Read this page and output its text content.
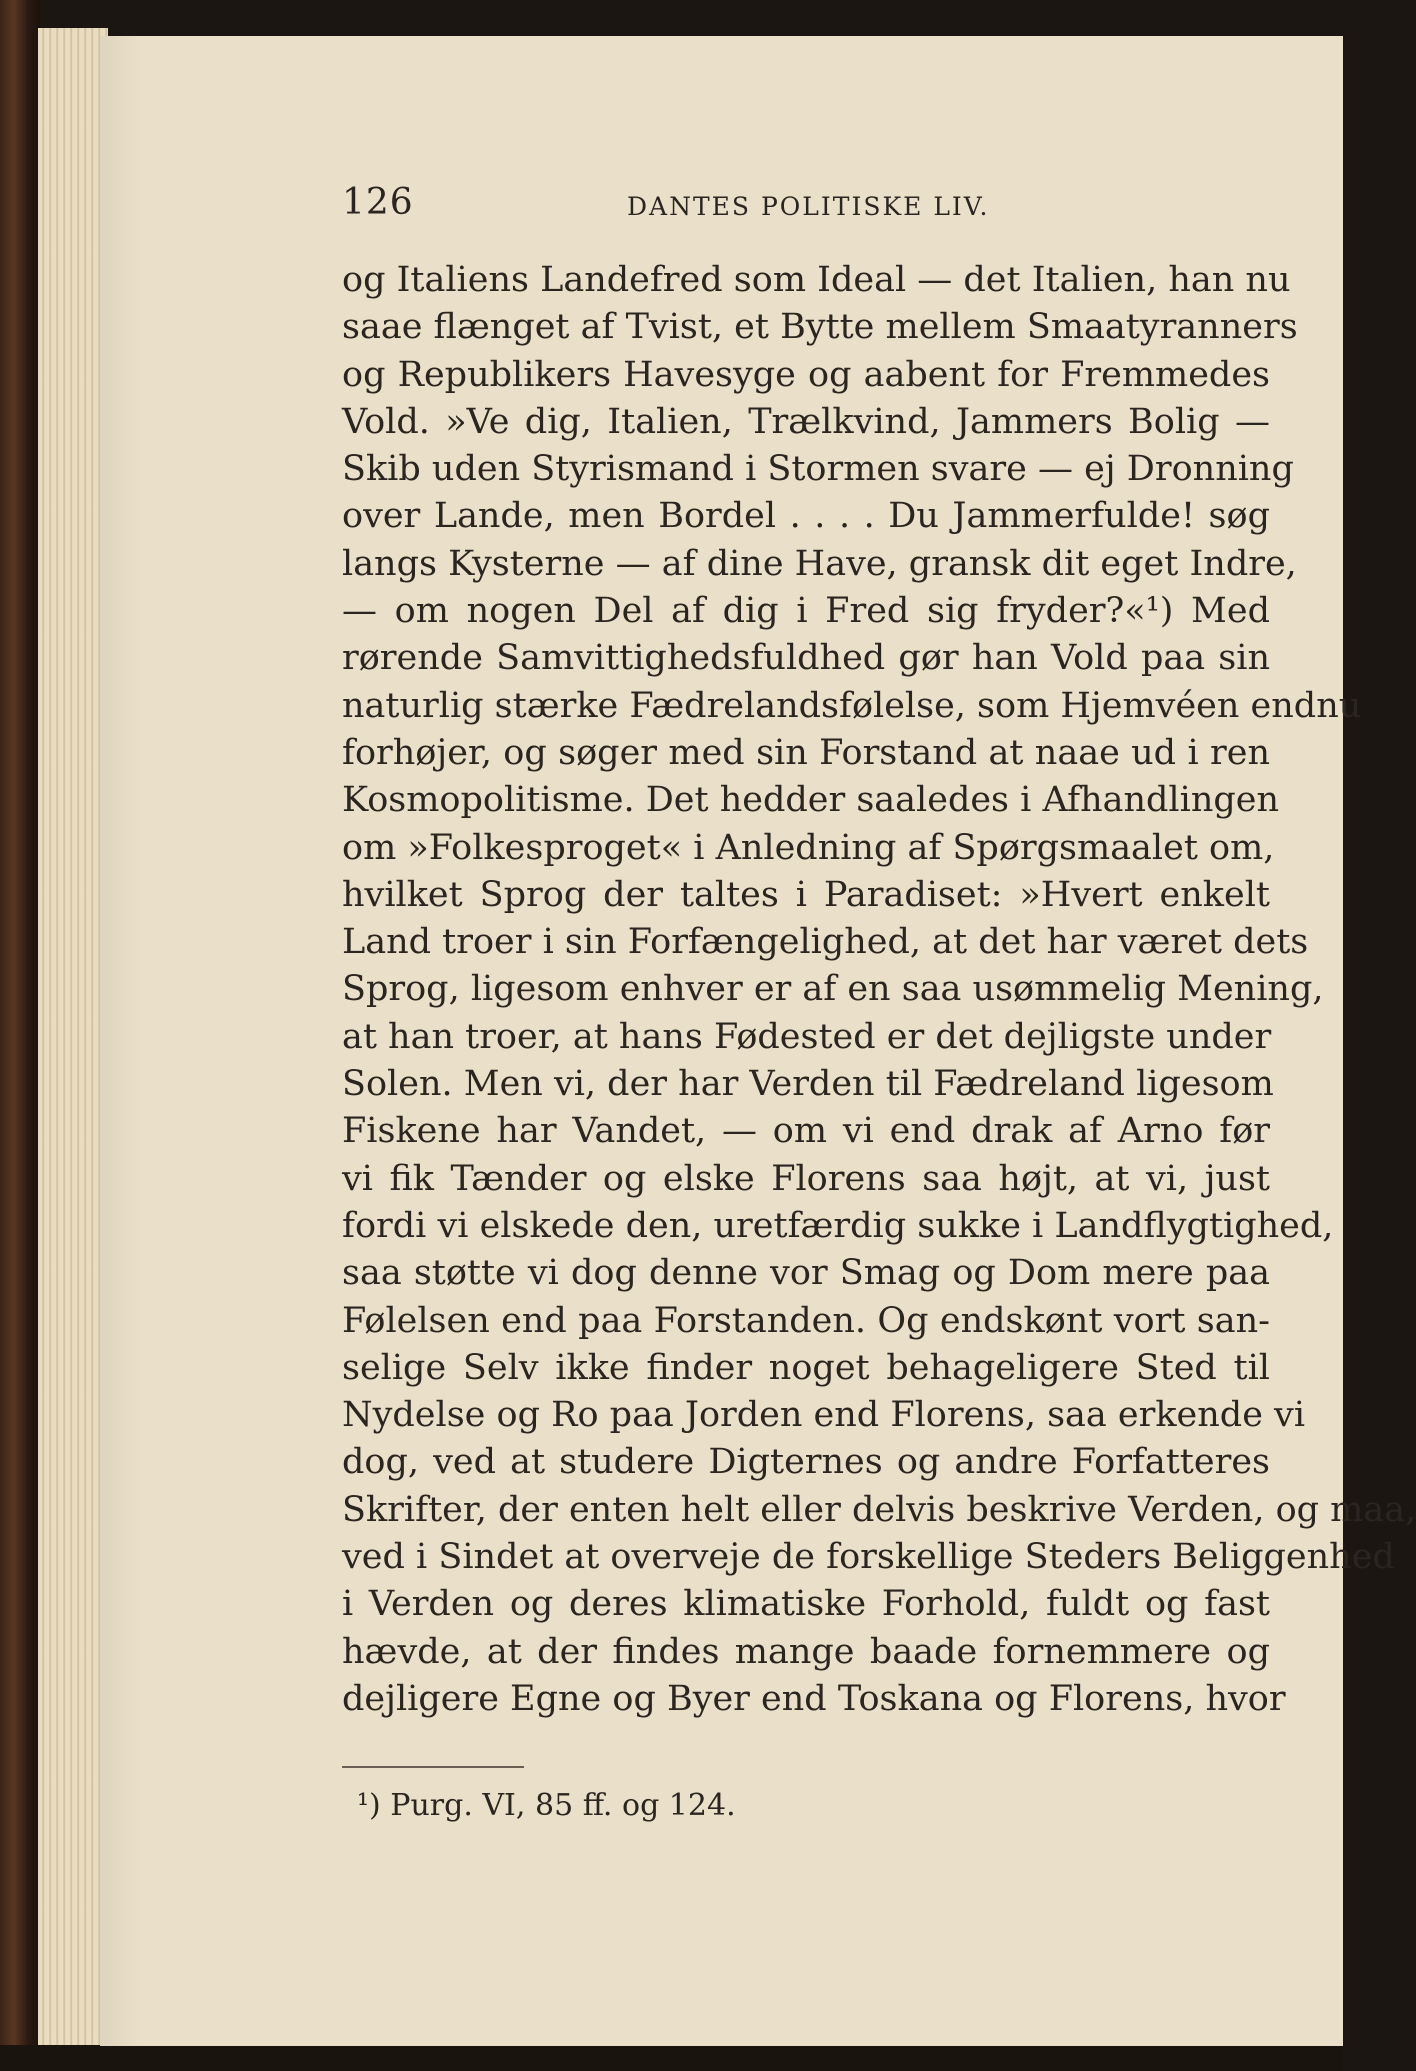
126	DANTES POLITISKE LIV.
og Italiens Landefred som Ideal — det Italien, han nu
saae flænget af Tvist, et Bytte mellem Smaatyranners
og Republikers Havesyge og aabent for Fremmedes
Vold. »Ve dig, Italien, Trælkvind, Jammers Bolig —
Skib uden Styrismand i Stormen svare — ej Dronning
over Lande, men Bordel . . . . Du Jammerfulde! søg
langs Kysterne — af dine Have, gransk dit eget Indre,
— om nogen Del af dig i Fred sig fryder?«¹) Med
rørende Samvittighedsfuldhed gør han Vold paa sin
naturlig stærke Fædrelandsfølelse, som Hjemvéen endnu
forhøjer, og søger med sin Forstand at naae ud i ren
Kosmopolitisme. Det hedder saaledes i Afhandlingen
om »Folkesproget« i Anledning af Spørgsmaalet om,
hvilket Sprog der taltes i Paradiset: »Hvert enkelt
Land troer i sin Forfængelighed, at det har været dets
Sprog, ligesom enhver er af en saa usømmelig Mening,
at han troer, at hans Fødested er det dejligste under
Solen. Men vi, der har Verden til Fædreland ligesom
Fiskene har Vandet, — om vi end drak af Arno før
vi fik Tænder og elske Florens saa højt, at vi, just
fordi vi elskede den, uretfærdig sukke i Landflygtighed,
saa støtte vi dog denne vor Smag og Dom mere paa
Følelsen end paa Forstanden. Og endskønt vort san-
selige Selv ikke finder noget behageligere Sted til
Nydelse og Ro paa Jorden end Florens, saa erkende vi
dog, ved at studere Digternes og andre Forfatteres
Skrifter, der enten helt eller delvis beskrive Verden, og maa,
ved i Sindet at overveje de forskellige Steders Beliggenhed
i Verden og deres klimatiske Forhold, fuldt og fast
hævde, at der findes mange baade fornemmere og
dejligere Egne og Byer end Toskana og Florens, hvor
¹) Purg. VI, 85 ff. og 124.
